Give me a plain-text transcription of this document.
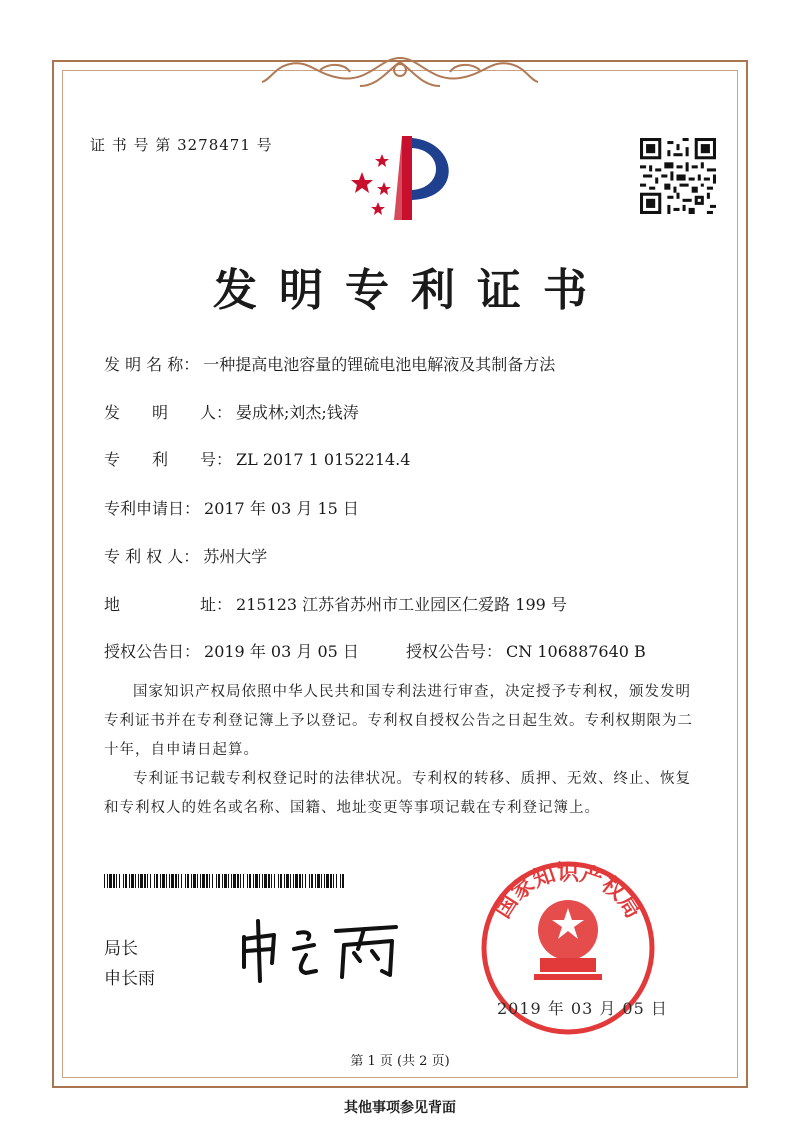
证 书 号 第 3278471 号
发明专利证书
发 明 名 称： 一种提高电池容量的锂硫电池电解液及其制备方法
发　　明　　人： 晏成林;刘杰;钱涛
专　　利　　号： ZL 2017 1 0152214.4
专利申请日： 2017 年 03 月 15 日
专 利 权 人： 苏州大学
地　　　　　址： 215123 江苏省苏州市工业园区仁爱路 199 号
授权公告日： 2019 年 03 月 05 日	授权公告号： CN 106887640 B
国家知识产权局依照中华人民共和国专利法进行审查，决定授予专利权，颁发发明专利证书并在专利登记簿上予以登记。专利权自授权公告之日起生效。专利权期限为二十年，自申请日起算。
专利证书记载专利权登记时的法律状况。专利权的转移、质押、无效、终止、恢复和专利权人的姓名或名称、国籍、地址变更等事项记载在专利登记簿上。
局长
申长雨
国家知识产权局
2019 年 03 月 05 日
第 1 页 (共 2 页)
其他事项参见背面
